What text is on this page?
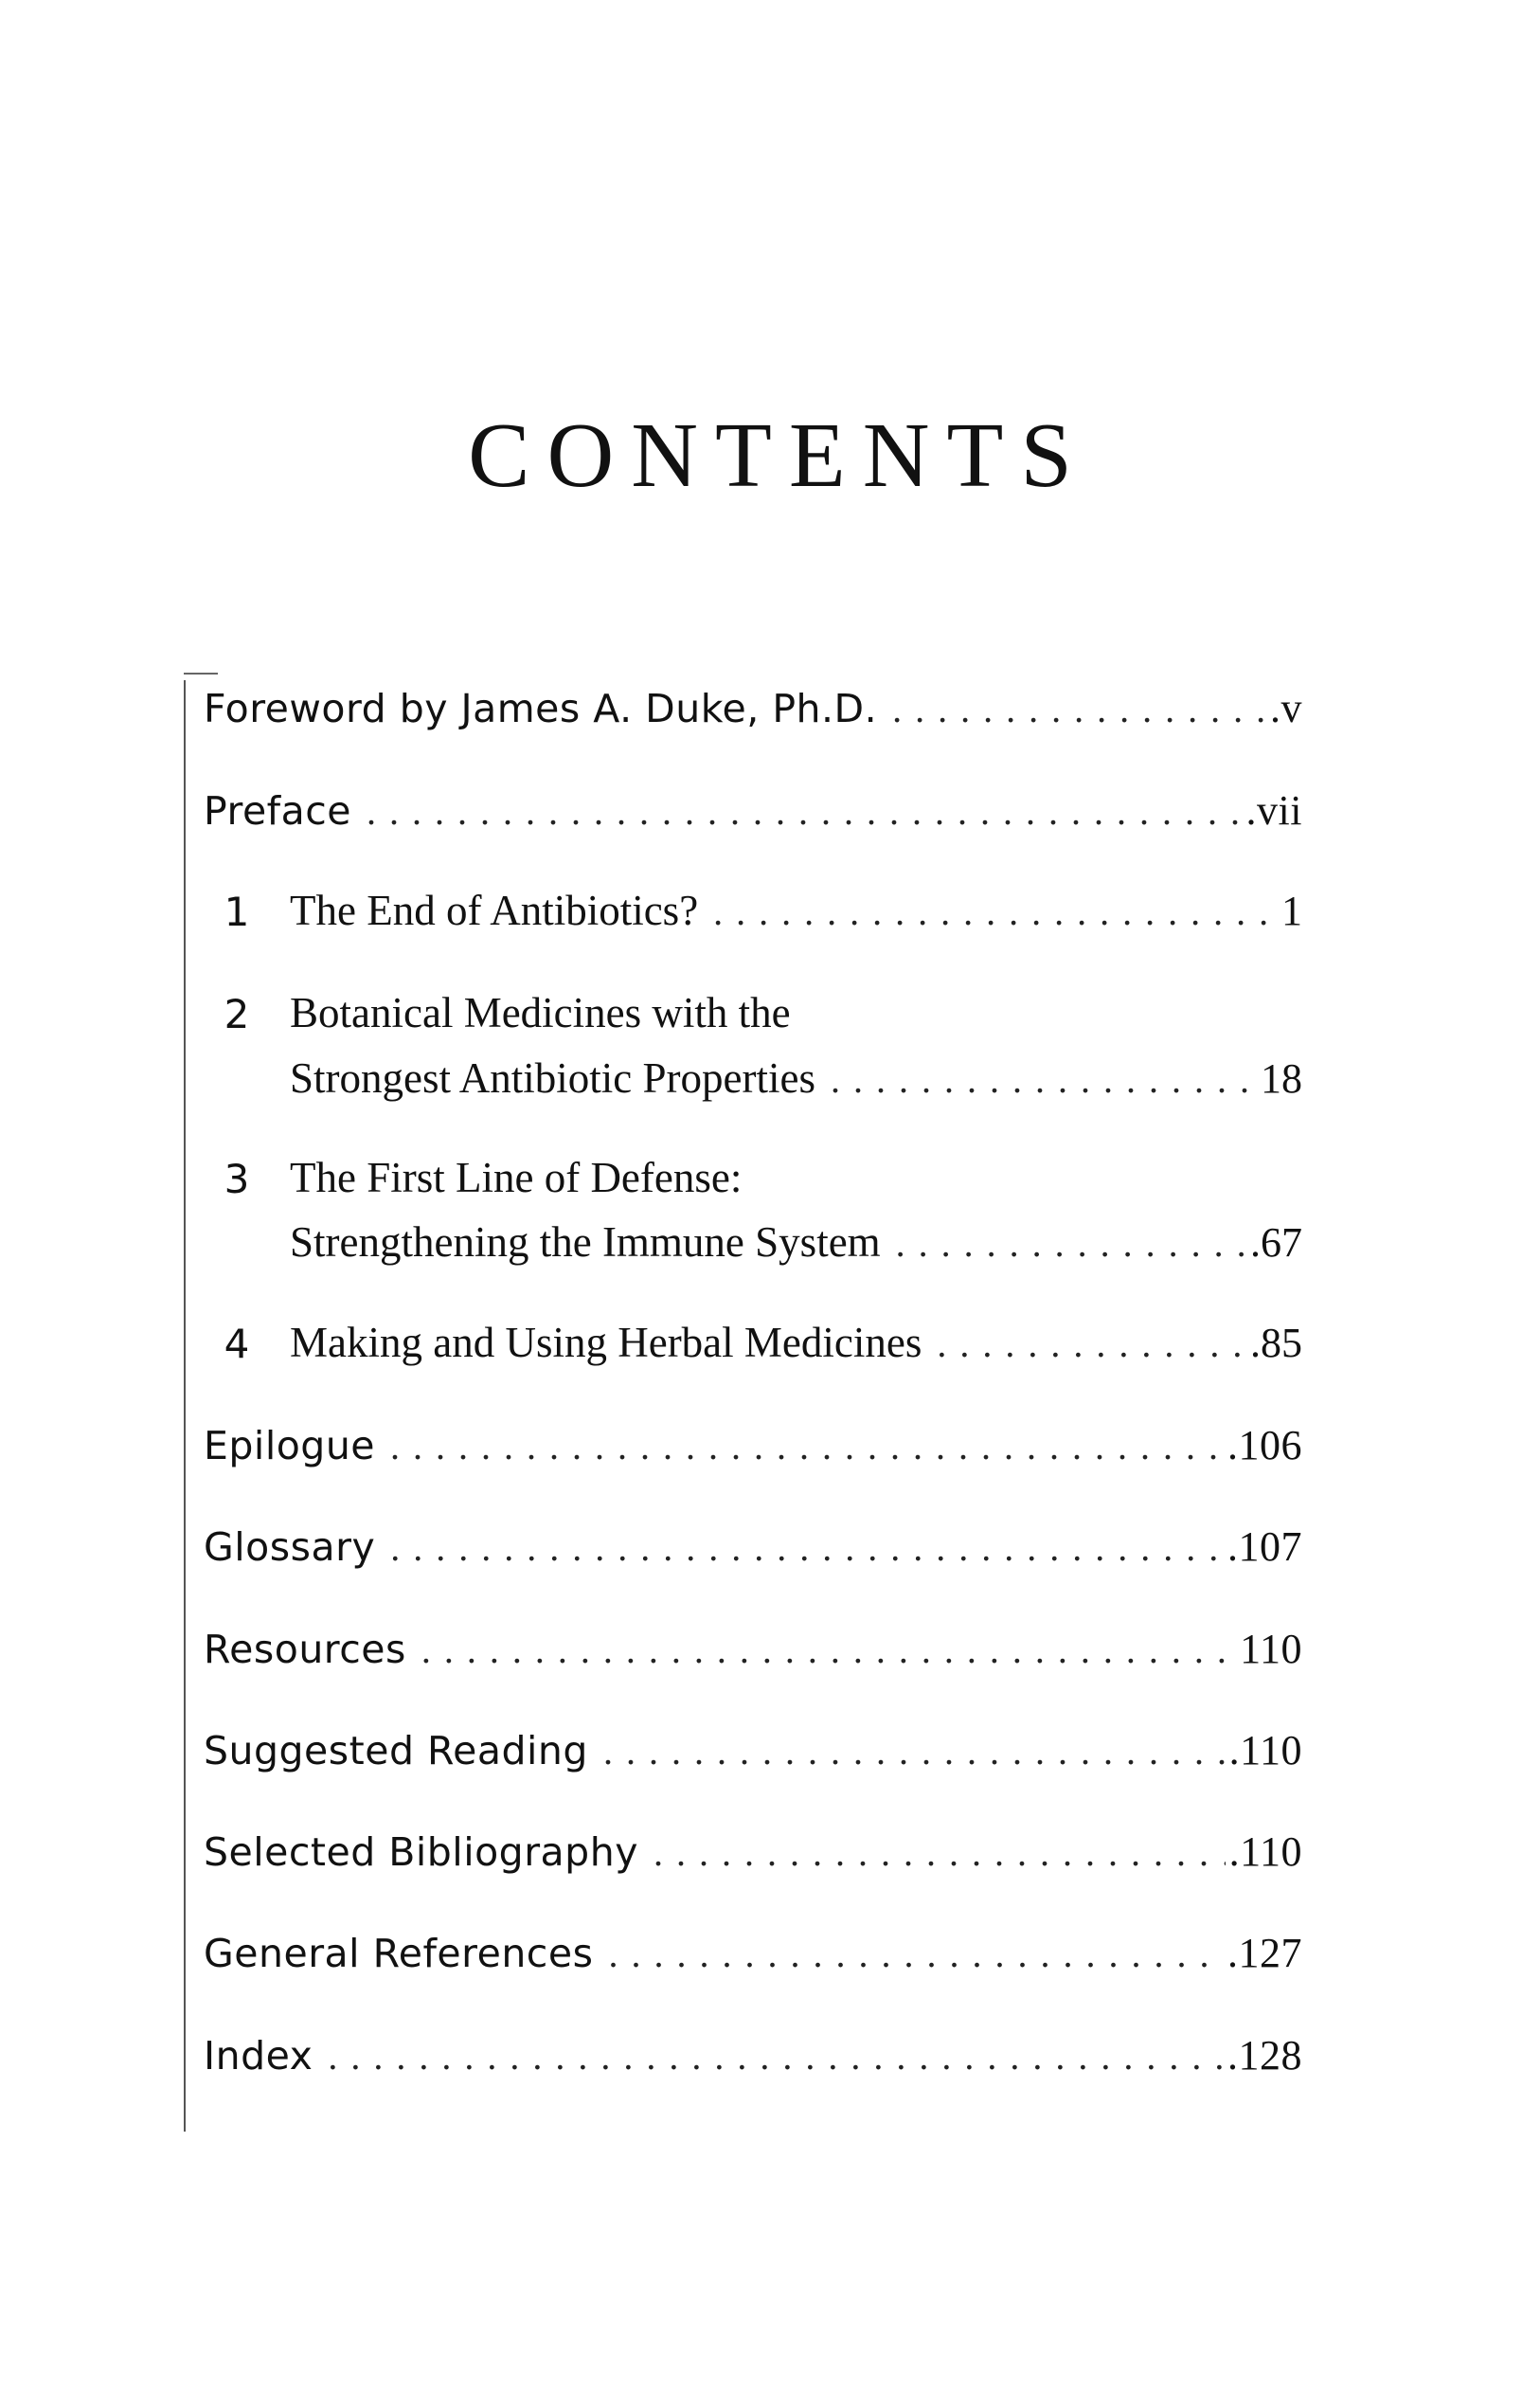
CONTENTS
Foreword by James A. Duke, Ph.D. . . .	.v
Preface . . .	.vii
1 The End of Antibiotics? . . .	1
2 Botanical Medicines with the
Strongest Antibiotic Properties . . .	18
3 The First Line of Defense:
Strengthening the Immune System . . .	.67
4 Making and Using Herbal Medicines . . .	.85
Epilogue . . .	.106
Glossary . . .	.107
Resources . . .	110
Suggested Reading . . .	.110
Selected Bibliography . . .	.110
General References . . .	.127
Index . . .	.128
